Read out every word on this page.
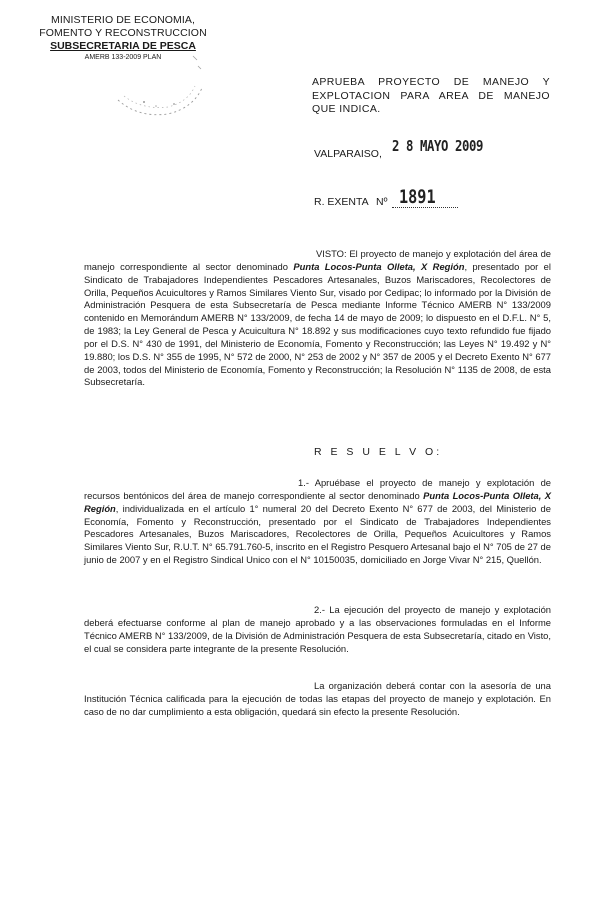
MINISTERIO DE ECONOMIA,
FOMENTO Y RECONSTRUCCION
SUBSECRETARIA DE PESCA
AMERB 133-2009 PLAN
APRUEBA PROYECTO DE MANEJO Y EXPLOTACION PARA AREA DE MANEJO QUE INDICA.
VALPARAISO, 2 8 MAYO 2009
R. EXENTA Nº 1891
VISTO: El proyecto de manejo y explotación del área de manejo correspondiente al sector denominado Punta Locos-Punta Olleta, X Región, presentado por el Sindicato de Trabajadores Independientes Pescadores Artesanales, Buzos Mariscadores, Recolectores de Orilla, Pequeños Acuicultores y Ramos Similares Viento Sur, visado por Cedipac; lo informado por la División de Administración Pesquera de esta Subsecretaría de Pesca mediante Informe Técnico AMERB N° 133/2009 contenido en Memorándum AMERB N° 133/2009, de fecha 14 de mayo de 2009; lo dispuesto en el D.F.L. N° 5, de 1983; la Ley General de Pesca y Acuicultura N° 18.892 y sus modificaciones cuyo texto refundido fue fijado por el D.S. N° 430 de 1991, del Ministerio de Economía, Fomento y Reconstrucción; las Leyes N° 19.492 y N° 19.880; los D.S. N° 355 de 1995, N° 572 de 2000, N° 253 de 2002 y N° 357 de 2005 y el Decreto Exento N° 677 de 2003, todos del Ministerio de Economía, Fomento y Reconstrucción; la Resolución N° 1135 de 2008, de esta Subsecretaría.
R E S U E L V O:
1.- Apruébase el proyecto de manejo y explotación de recursos bentónicos del área de manejo correspondiente al sector denominado Punta Locos-Punta Olleta, X Región, individualizada en el artículo 1° numeral 20 del Decreto Exento N° 677 de 2003, del Ministerio de Economía, Fomento y Reconstrucción, presentado por el Sindicato de Trabajadores Independientes Pescadores Artesanales, Buzos Mariscadores, Recolectores de Orilla, Pequeños Acuicultores y Ramos Similares Viento Sur, R.U.T. N° 65.791.760-5, inscrito en el Registro Pesquero Artesanal bajo el N° 705 de 27 de junio de 2007 y en el Registro Sindical Unico con el N° 10150035, domiciliado en Jorge Vivar N° 215, Quellón.
2.- La ejecución del proyecto de manejo y explotación deberá efectuarse conforme al plan de manejo aprobado y a las observaciones formuladas en el Informe Técnico AMERB N° 133/2009, de la División de Administración Pesquera de esta Subsecretaría, citado en Visto, el cual se considera parte integrante de la presente Resolución.
La organización deberá contar con la asesoría de una Institución Técnica calificada para la ejecución de todas las etapas del proyecto de manejo y explotación. En caso de no dar cumplimiento a esta obligación, quedará sin efecto la presente Resolución.
